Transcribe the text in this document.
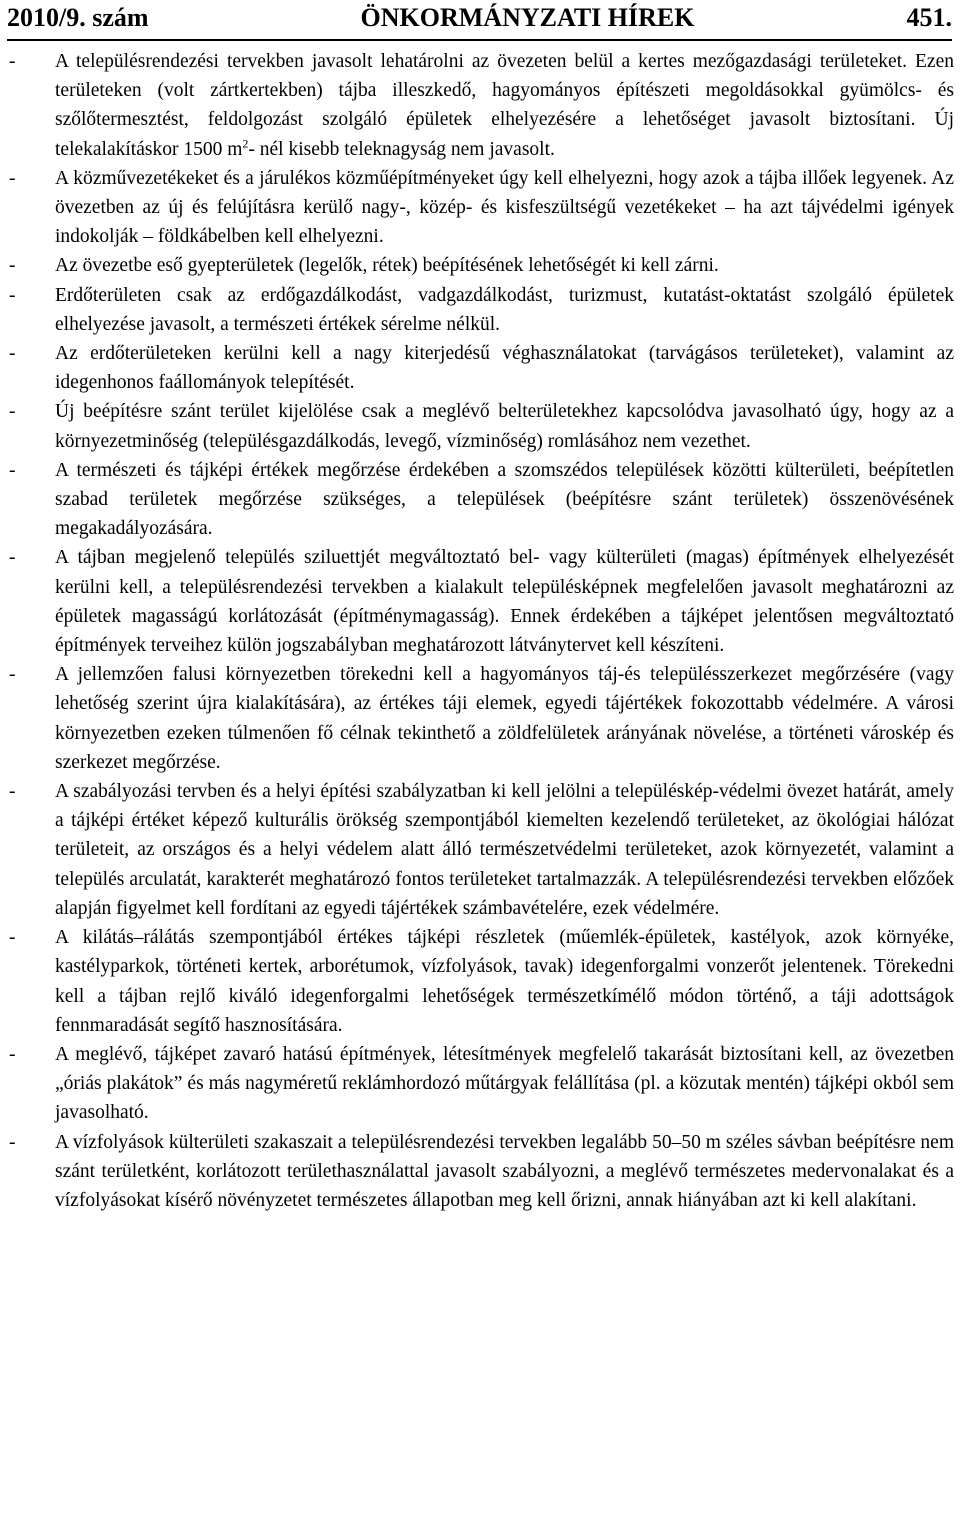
2010/9. szám	ÖNKORMÁNYZATI HÍREK	451.
- A településrendezési tervekben javasolt lehatárolni az övezeten belül a kertes mezőgazdasági területeket. Ezen területeken (volt zártkertekben) tájba illeszkedő, hagyományos építészeti megoldásokkal gyümölcs- és szőlőtermesztést, feldolgozást szolgáló épületek elhelyezésére a lehetőséget javasolt biztosítani. Új telekalakításkor 1500 $m^2-$ nél kisebb teleknagyság nem javasolt.
- A közművezetékeket és a járulékos közműépítményeket úgy kell elhelyezni, hogy azok a tájba illőek legyenek. Az övezetben az új és felújításra kerülő nagy-, közép- és kisfeszültségű vezetékeket – ha azt tájvédelmi igények indokolják – földkábelben kell elhelyezni.
- Az övezetbe eső gyepterületek (legelők, rétek) beépítésének lehetőségét ki kell zárni.
- Erdőterületen csak az erdőgazdálkodást, vadgazdálkodást, turizmust, kutatást-oktatást szolgáló épületek elhelyezése javasolt, a természeti értékek sérelme nélkül.
- Az erdőterületeken kerülni kell a nagy kiterjedésű véghasználatokat (tarvágásos területeket), valamint az idegenhonos faállományok telepítését.
- Új beépítésre szánt terület kijelölése csak a meglévő belterületekhez kapcsolódva javasolható úgy, hogy az a környezetminőség (településgazdálkodás, levegő, vízminőség) romlásához nem vezethet.
- A természeti és tájképi értékek megőrzése érdekében a szomszédos települések közötti külterületi, beépítetlen szabad területek megőrzése szükséges, a települések (beépítésre szánt területek) összenövésének megakadályozására.
- A tájban megjelenő település sziluettjét megváltoztató bel- vagy külterületi (magas) építmények elhelyezését kerülni kell, a településrendezési tervekben a kialakult településképnek megfelelően javasolt meghatározni az épületek magasságú korlátozását (építménymagasság). Ennek érdekében a tájképet jelentősen megváltoztató építmények terveihez külön jogszabályban meghatározott látványtervet kell készíteni.
- A jellemzően falusi környezetben törekedni kell a hagyományos táj-és településszerkezet megőrzésére (vagy lehetőség szerint újra kialakítására), az értékes táji elemek, egyedi tájértékek fokozottabb védelmére. A városi környezetben ezeken túlmenően fő célnak tekinthető a zöldfelületek arányának növelése, a történeti városkép és szerkezet megőrzése.
- A szabályozási tervben és a helyi építési szabályzatban ki kell jelölni a településkép-védelmi övezet határát, amely a tájképi értéket képező kulturális örökség szempontjából kiemelten kezelendő területeket, az ökológiai hálózat területeit, az országos és a helyi védelem alatt álló természetvédelmi területeket, azok környezetét, valamint a település arculatát, karakterét meghatározó fontos területeket tartalmazzák. A településrendezési tervekben előzőek alapján figyelmet kell fordítani az egyedi tájértékek számbavételére, ezek védelmére.
- A kilátás–rálátás szempontjából értékes tájképi részletek (műemlék-épületek, kastélyok, azok környéke, kastélyparkok, történeti kertek, arborétumok, vízfolyások, tavak) idegenforgalmi vonzerőt jelentenek. Törekedni kell a tájban rejlő kiváló idegenforgalmi lehetőségek természetkímélő módon történő, a táji adottságok fennmaradását segítő hasznosítására.
- A meglévő, tájképet zavaró hatású építmények, létesítmények megfelelő takarását biztosítani kell, az övezetben „óriás plakátok” és más nagyméretű reklámhordozó műtárgyak felállítása (pl. a közutak mentén) tájképi okból sem javasolható.
- A vízfolyások külterületi szakaszait a településrendezési tervekben legalább 50–50 m széles sávban beépítésre nem szánt területként, korlátozott területhasználattal javasolt szabályozni, a meglévő természetes medervonalakat és a vízfolyásokat kísérő növényzetet természetes állapotban meg kell őrizni, annak hiányában azt ki kell alakítani.
